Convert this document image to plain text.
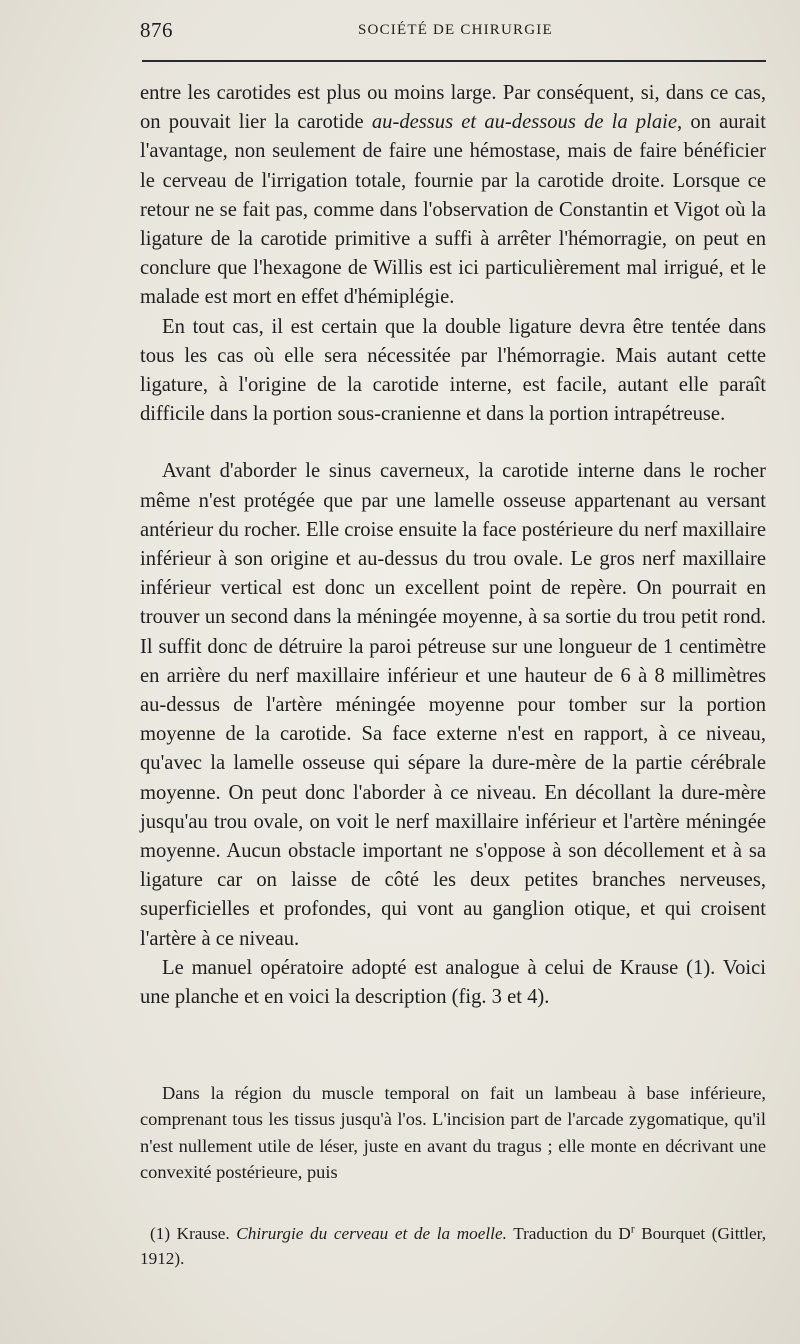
876	SOCIÉTÉ DE CHIRURGIE

entre les carotides est plus ou moins large. Par conséquent, si, dans ce cas, on pouvait lier la carotide au-dessus et au-dessous de la plaie, on aurait l'avantage, non seulement de faire une hémostase, mais de faire bénéficier le cerveau de l'irrigation totale, fournie par la carotide droite. Lorsque ce retour ne se fait pas, comme dans l'observation de Constantin et Vigot où la ligature de la carotide primitive a suffi à arrêter l'hémorragie, on peut en conclure que l'hexagone de Willis est ici particulièrement mal irrigué, et le malade est mort en effet d'hémiplégie.

En tout cas, il est certain que la double ligature devra être tentée dans tous les cas où elle sera nécessitée par l'hémorragie. Mais autant cette ligature, à l'origine de la carotide interne, est facile, autant elle paraît difficile dans la portion sous-cranienne et dans la portion intrapétreuse.

Avant d'aborder le sinus caverneux, la carotide interne dans le rocher même n'est protégée que par une lamelle osseuse appartenant au versant antérieur du rocher. Elle croise ensuite la face postérieure du nerf maxillaire inférieur à son origine et au-dessus du trou ovale. Le gros nerf maxillaire inférieur vertical est donc un excellent point de repère. On pourrait en trouver un second dans la méningée moyenne, à sa sortie du trou petit rond. Il suffit donc de détruire la paroi pétreuse sur une longueur de 1 centimètre en arrière du nerf maxillaire inférieur et une hauteur de 6 à 8 millimètres au-dessus de l'artère méningée moyenne pour tomber sur la portion moyenne de la carotide. Sa face externe n'est en rapport, à ce niveau, qu'avec la lamelle osseuse qui sépare la dure-mère de la partie cérébrale moyenne. On peut donc l'aborder à ce niveau. En décollant la dure-mère jusqu'au trou ovale, on voit le nerf maxillaire inférieur et l'artère méningée moyenne. Aucun obstacle important ne s'oppose à son décollement et à sa ligature car on laisse de côté les deux petites branches nerveuses, superficielles et profondes, qui vont au ganglion otique, et qui croisent l'artère à ce niveau.

Le manuel opératoire adopté est analogue à celui de Krause (1). Voici une planche et en voici la description (fig. 3 et 4).

Dans la région du muscle temporal on fait un lambeau à base inférieure, comprenant tous les tissus jusqu'à l'os. L'incision part de l'arcade zygomatique, qu'il n'est nullement utile de léser, juste en avant du tragus ; elle monte en décrivant une convexité postérieure, puis

(1) Krause. Chirurgie du cerveau et de la moelle. Traduction du $D^r$ Bourquet (Gittler, 1912).
